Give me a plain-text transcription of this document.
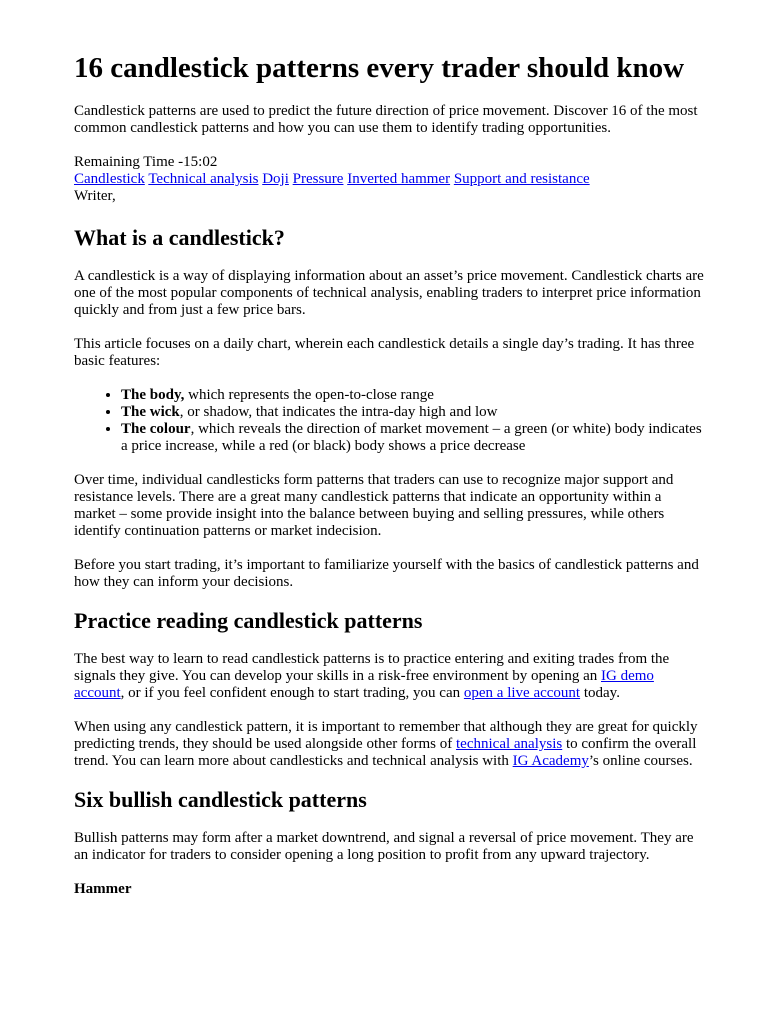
16 candlestick patterns every trader should know

Candlestick patterns are used to predict the future direction of price movement. Discover 16 of the most common candlestick patterns and how you can use them to identify trading opportunities.

Remaining Time -15:02
Candlestick Technical analysis Doji Pressure Inverted hammer Support and resistance
Writer,
What is a candlestick?

A candlestick is a way of displaying information about an asset’s price movement. Candlestick charts are one of the most popular components of technical analysis, enabling traders to interpret price information quickly and from just a few price bars.

This article focuses on a daily chart, wherein each candlestick details a single day’s trading. It has three basic features:

• The body, which represents the open-to-close range
• The wick, or shadow, that indicates the intra-day high and low
• The colour, which reveals the direction of market movement – a green (or white) body indicates a price increase, while a red (or black) body shows a price decrease

Over time, individual candlesticks form patterns that traders can use to recognize major support and resistance levels. There are a great many candlestick patterns that indicate an opportunity within a market – some provide insight into the balance between buying and selling pressures, while others identify continuation patterns or market indecision.

Before you start trading, it’s important to familiarize yourself with the basics of candlestick patterns and how they can inform your decisions.

Practice reading candlestick patterns

The best way to learn to read candlestick patterns is to practice entering and exiting trades from the signals they give. You can develop your skills in a risk-free environment by opening an IG demo account, or if you feel confident enough to start trading, you can open a live account today.

When using any candlestick pattern, it is important to remember that although they are great for quickly predicting trends, they should be used alongside other forms of technical analysis to confirm the overall trend. You can learn more about candlesticks and technical analysis with IG Academy’s online courses.

Six bullish candlestick patterns

Bullish patterns may form after a market downtrend, and signal a reversal of price movement. They are an indicator for traders to consider opening a long position to profit from any upward trajectory.

Hammer
